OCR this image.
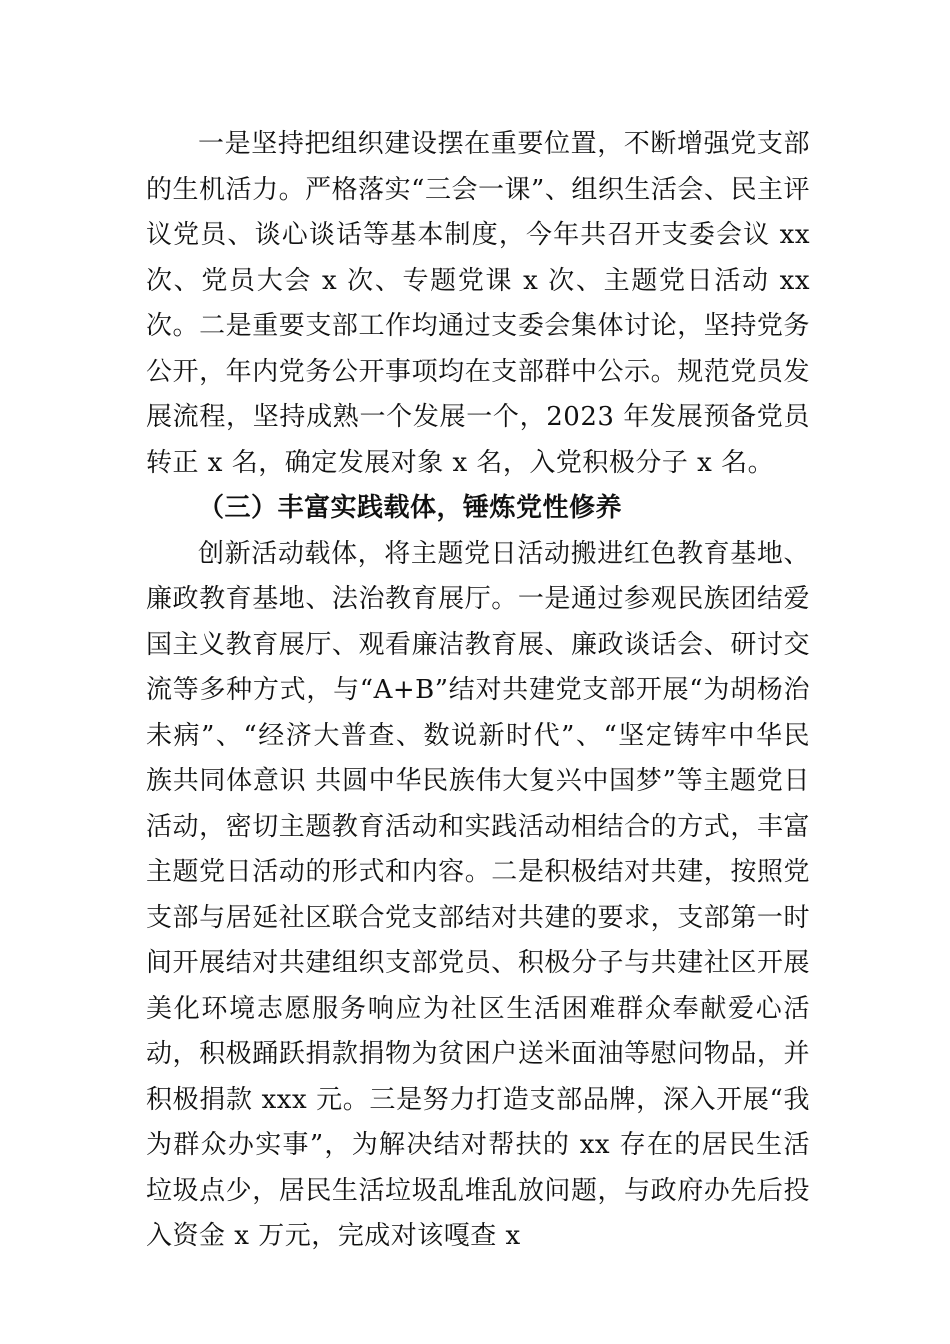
一是坚持把组织建设摆在重要位置，不断增强党支部的生机活力。严格落实“三会一课”、组织生活会、民主评议党员、谈心谈话等基本制度，今年共召开支委会议 xx 次、党员大会 x 次、专题党课 x 次、主题党日活动 xx 次。二是重要支部工作均通过支委会集体讨论，坚持党务公开，年内党务公开事项均在支部群中公示。规范党员发展流程，坚持成熟一个发展一个，2023 年发展预备党员转正 x 名，确定发展对象 x 名，入党积极分子 x 名。

（三）丰富实践载体，锤炼党性修养

创新活动载体，将主题党日活动搬进红色教育基地、廉政教育基地、法治教育展厅。一是通过参观民族团结爱国主义教育展厅、观看廉洁教育展、廉政谈话会、研讨交流等多种方式，与“A+B”结对共建党支部开展“为胡杨治未病”、“经济大普查、数说新时代”、“坚定铸牢中华民族共同体意识 共圆中华民族伟大复兴中国梦”等主题党日活动，密切主题教育活动和实践活动相结合的方式，丰富主题党日活动的形式和内容。二是积极结对共建，按照党支部与居延社区联合党支部结对共建的要求，支部第一时间开展结对共建组织支部党员、积极分子与共建社区开展美化环境志愿服务响应为社区生活困难群众奉献爱心活动，积极踊跃捐款捐物为贫困户送米面油等慰问物品，并积极捐款 xxx 元。三是努力打造支部品牌，深入开展“我为群众办实事”，为解决结对帮扶的 xx 存在的居民生活垃圾点少，居民生活垃圾乱堆乱放问题，与政府办先后投入资金 x 万元，完成对该嘎查 x
